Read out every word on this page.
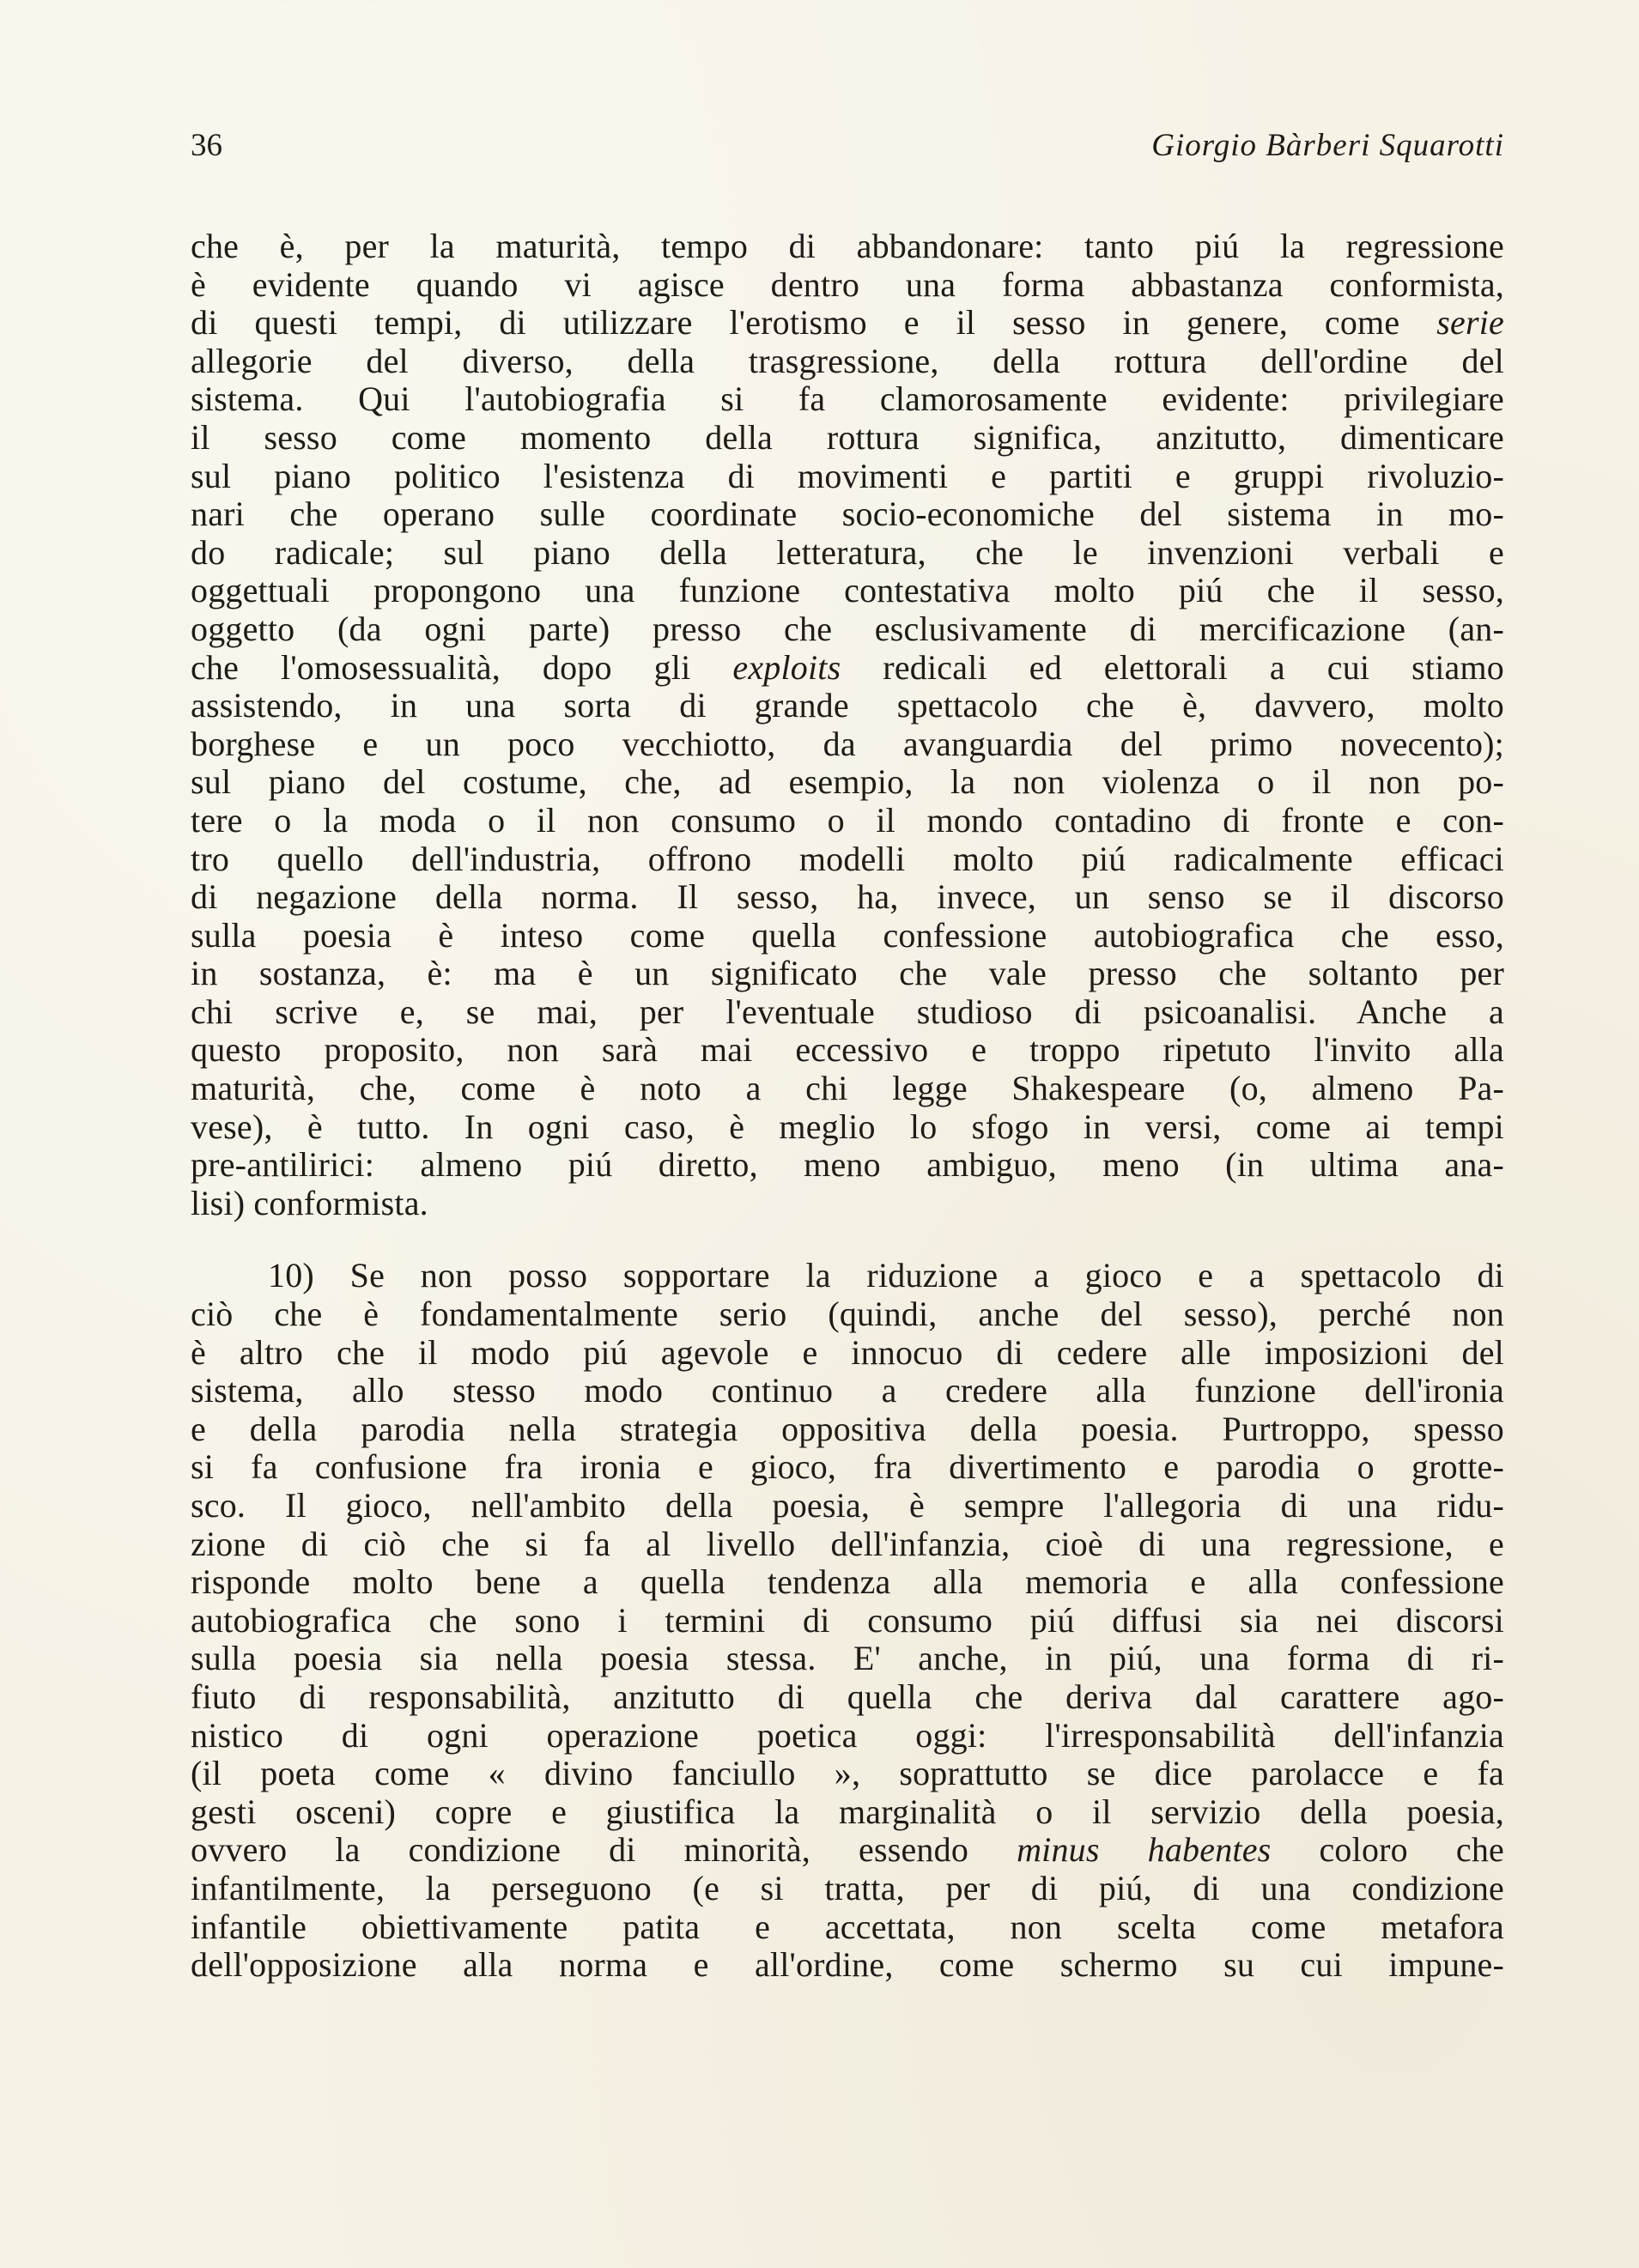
36	Giorgio Bàrberi Squarotti
che è, per la maturità, tempo di abbandonare: tanto piú la regressione
è evidente quando vi agisce dentro una forma abbastanza conformista,
di questi tempi, di utilizzare l'erotismo e il sesso in genere, come serie
allegorie del diverso, della trasgressione, della rottura dell'ordine del
sistema. Qui l'autobiografia si fa clamorosamente evidente: privilegiare
il sesso come momento della rottura significa, anzitutto, dimenticare
sul piano politico l'esistenza di movimenti e partiti e gruppi rivoluzio-
nari che operano sulle coordinate socio-economiche del sistema in mo-
do radicale; sul piano della letteratura, che le invenzioni verbali e
oggettuali propongono una funzione contestativa molto piú che il sesso,
oggetto (da ogni parte) presso che esclusivamente di mercificazione (an-
che l'omosessualità, dopo gli exploits redicali ed elettorali a cui stiamo
assistendo, in una sorta di grande spettacolo che è, davvero, molto
borghese e un poco vecchiotto, da avanguardia del primo novecento);
sul piano del costume, che, ad esempio, la non violenza o il non po-
tere o la moda o il non consumo o il mondo contadino di fronte e con-
tro quello dell'industria, offrono modelli molto piú radicalmente efficaci
di negazione della norma. Il sesso, ha, invece, un senso se il discorso
sulla poesia è inteso come quella confessione autobiografica che esso,
in sostanza, è: ma è un significato che vale presso che soltanto per
chi scrive e, se mai, per l'eventuale studioso di psicoanalisi. Anche a
questo proposito, non sarà mai eccessivo e troppo ripetuto l'invito alla
maturità, che, come è noto a chi legge Shakespeare (o, almeno Pa-
vese), è tutto. In ogni caso, è meglio lo sfogo in versi, come ai tempi
pre-antilirici: almeno piú diretto, meno ambiguo, meno (in ultima ana-
lisi) conformista.
10) Se non posso sopportare la riduzione a gioco e a spettacolo di
ciò che è fondamentalmente serio (quindi, anche del sesso), perché non
è altro che il modo piú agevole e innocuo di cedere alle imposizioni del
sistema, allo stesso modo continuo a credere alla funzione dell'ironia
e della parodia nella strategia oppositiva della poesia. Purtroppo, spesso
si fa confusione fra ironia e gioco, fra divertimento e parodia o grotte-
sco. Il gioco, nell'ambito della poesia, è sempre l'allegoria di una ridu-
zione di ciò che si fa al livello dell'infanzia, cioè di una regressione, e
risponde molto bene a quella tendenza alla memoria e alla confessione
autobiografica che sono i termini di consumo piú diffusi sia nei discorsi
sulla poesia sia nella poesia stessa. E' anche, in piú, una forma di ri-
fiuto di responsabilità, anzitutto di quella che deriva dal carattere ago-
nistico di ogni operazione poetica oggi: l'irresponsabilità dell'infanzia
(il poeta come « divino fanciullo », soprattutto se dice parolacce e fa
gesti osceni) copre e giustifica la marginalità o il servizio della poesia,
ovvero la condizione di minorità, essendo minus habentes coloro che
infantilmente, la perseguono (e si tratta, per di piú, di una condizione
infantile obiettivamente patita e accettata, non scelta come metafora
dell'opposizione alla norma e all'ordine, come schermo su cui impune-
